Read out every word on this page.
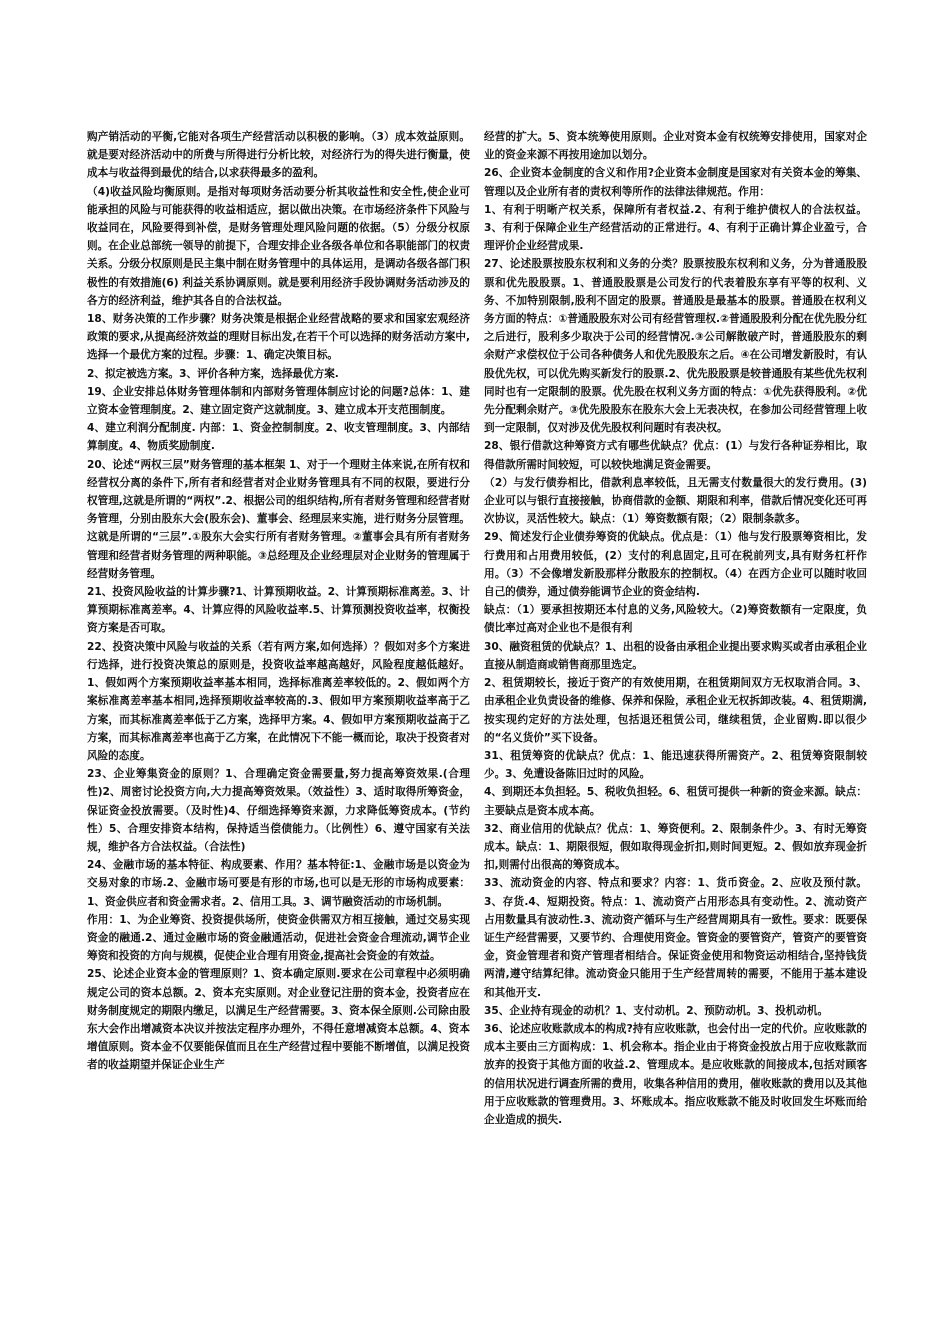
购产销活动的平衡,它能对各项生产经营活动以积极的影响。（3）成本效益原则。就是要对经济活动中的所费与所得进行分析比较，对经济行为的得失进行衡量，使成本与收益得到最优的结合,以求获得最多的盈利。

（4)收益风险均衡原则。是指对每项财务活动要分析其收益性和安全性,使企业可能承担的风险与可能获得的收益相适应，据以做出决策。在市场经济条件下风险与收益同在，风险要得到补偿，是财务管理处理风险问题的依据。（5）分级分权原则。在企业总部统一领导的前提下，合理安排企业各级各单位和各职能部门的权责关系。分级分权原则是民主集中制在财务管理中的具体运用，是调动各级各部门积极性的有效措施(6) 利益关系协调原则。就是要利用经济手段协调财务活动涉及的各方的经济利益，维护其各自的合法权益。

18、财务决策的工作步骤？财务决策是根据企业经营战略的要求和国家宏观经济政策的要求,从提高经济效益的理财目标出发,在若干个可以选择的财务活动方案中,选择一个最优方案的过程。步骤：1、确定决策目标。

2、拟定被选方案。3、评价各种方案，选择最优方案.

19、企业安排总体财务管理体制和内部财务管理体制应讨论的问题?总体：1、建立资本金管理制度。2、建立固定资产这就制度。3、建立成本开支范围制度。

4、建立利润分配制度. 内部：1、资金控制制度。2、收支管理制度。3、内部结算制度。4、物质奖励制度.

20、论述“两权三层”财务管理的基本框架 1、对于一个理财主体来说,在所有权和经营权分离的条件下,所有者和经营者对企业财务管理具有不同的权限，要进行分权管理,这就是所谓的“两权”.2、根据公司的组织结构,所有者财务管理和经营者财务管理，分别由股东大会(股东会)、董事会、经理层来实施，进行财务分层管理。这就是所谓的“三层”.①股东大会实行所有者财务管理。②董事会具有所有者财务管理和经营者财务管理的两种职能。③总经理及企业经理层对企业财务的管理属于经营财务管理。

21、投资风险收益的计算步骤?1、计算预期收益。2、计算预期标准离差。3、计算预期标准离差率。4、计算应得的风险收益率.5、计算预测投资收益率，权衡投资方案是否可取。

22、投资决策中风险与收益的关系（若有两方案,如何选择）？假如对多个方案进行选择，进行投资决策总的原则是，投资收益率越高越好，风险程度越低越好。1、假如两个方案预期收益率基本相同，选择标准离差率较低的。2、假如两个方案标准离差率基本相同,选择预期收益率较高的.3、假如甲方案预期收益率高于乙方案，而其标准离差率低于乙方案，选择甲方案。4、假如甲方案预期收益高于乙方案，而其标准离差率也高于乙方案，在此情况下不能一概而论，取决于投资者对风险的态度。

23、企业筹集资金的原则？1、合理确定资金需要量,努力提高筹资效果.(合理性)2、周密讨论投资方向,大力提高筹资效果。（效益性）3、适时取得所筹资金，保证资金投放需要。（及时性)4、仔细选择筹资来源，力求降低筹资成本。(节约性）5、合理安排资本结构，保持适当偿债能力。（比例性）6、遵守国家有关法规，维护各方合法权益。（合法性)

24、金融市场的基本特征、构成要素、作用？基本特征:1、金融市场是以资金为交易对象的市场.2、金融市场可要是有形的市场,也可以是无形的市场构成要素：1、资金供应者和资金需求者。2、信用工具。3、调节融资活动的市场机制。

作用：1、为企业筹资、投资提供场所，使资金供需双方相互接触，通过交易实现资金的融通.2、通过金融市场的资金融通活动，促进社会资金合理流动,调节企业筹资和投资的方向与规模，促使企业合理有用资金,提高社会资金的有效益。

25、论述企业资本金的管理原则？1、资本确定原则.要求在公司章程中必须明确规定公司的资本总额。2、资本充实原则。对企业登记注册的资本金，投资者应在财务制度规定的期限内缴足，以满足生产经营需要。3、资本保全原则.公司除由股东大会作出增减资本决议并按法定程序办理外，不得任意增减资本总额。4、资本增值原则。资本金不仅要能保值而且在生产经营过程中要能不断增值，以满足投资者的收益期望并保证企业生产

经营的扩大。5、资本统筹使用原则。企业对资本金有权统筹安排使用，国家对企业的资金来源不再按用途加以划分。

26、企业资本金制度的含义和作用?企业资本金制度是国家对有关资本金的筹集、管理以及企业所有者的责权利等所作的法律法律规范。作用：

1、有利于明晰产权关系，保障所有者权益.2、有利于维护债权人的合法权益。3、有利于保障企业生产经营活动的正常进行。4、有利于正确计算企业盈亏，合理评价企业经营成果.

27、论述股票按股东权利和义务的分类？股票按股东权利和义务，分为普通股股票和优先股股票。1、普通股股票是公司发行的代表着股东享有平等的权利、义务、不加特别限制,股利不固定的股票。普通股是最基本的股票。普通股在权利义务方面的特点：①普通股股东对公司有经营管理权.②普通股股利分配在优先股分红之后进行，股利多少取决于公司的经营情况.③公司解散破产时，普通股股东的剩余财产求偿权位于公司各种债务人和优先股股东之后。④在公司增发新股时，有认股优先权，可以优先购买新发行的股票.2、优先股股票是较普通股有某些优先权利同时也有一定限制的股票。优先股在权利义务方面的特点：①优先获得股利。②优先分配剩余财产。③优先股股东在股东大会上无表决权，在参加公司经营管理上收到一定限制，仅对涉及优先股权利问题时有表决权。

28、银行借款这种筹资方式有哪些优缺点？优点：(1）与发行各种证券相比，取得借款所需时间较短，可以较快地满足资金需要。

（2）与发行债券相比，借款利息率较低，且无需支付数量很大的发行费用。(3) 企业可以与银行直接接触，协商借款的金额、期限和利率，借款后情况变化还可再次协议，灵活性较大。缺点：（1）筹资数额有限；（2）限制条款多。

29、简述发行企业债券筹资的优缺点。优点是：（1）他与发行股票筹资相比，发行费用和占用费用较低，(2）支付的利息固定,且可在税前列支,具有财务杠杆作用。（3）不会像增发新股那样分散股东的控制权。（4）在西方企业可以随时收回自己的债券，通过债券能调节企业的资金结构.

缺点：（1）要承担按期还本付息的义务,风险较大。（2)筹资数额有一定限度，负债比率过高对企业也不是很有利

30、融资租赁的优缺点？1、出租的设备由承租企业提出要求购买或者由承租企业直接从制造商或销售商那里选定。

2、租赁期较长，接近于资产的有效使用期，在租赁期间双方无权取消合同。3、由承租企业负责设备的维修、保养和保险，承租企业无权拆卸改装。4、租赁期满,按实现约定好的方法处理，包括退还租赁公司，继续租赁，企业留购.即以很少的“名义货价”买下设备。

31、租赁筹资的优缺点？优点：1、能迅速获得所需资产。2、租赁筹资限制较少。3、免遭设备陈旧过时的风险。

4、到期还本负担轻。5、税收负担轻。6、租赁可提供一种新的资金来源。缺点：主要缺点是资本成本高。

32、商业信用的优缺点？优点：1、筹资便利。2、限制条件少。3、有时无筹资成本。缺点：1、期限很短，假如取得现金折扣,则时间更短。2、假如放弃现金折扣,则需付出很高的筹资成本。

33、流动资金的内容、特点和要求？内容：1、货币资金。2、应收及预付款。3、存货.4、短期投资。特点：1、流动资产占用形态具有变动性。2、流动资产占用数量具有波动性.3、流动资产循环与生产经营周期具有一致性。要求：既要保证生产经营需要，又要节约、合理使用资金。管资金的要管资产，管资产的要管资金，资金管理者和资产管理者相结合。保证资金使用和物资运动相结合,坚持钱货两清,遵守结算纪律。流动资金只能用于生产经营周转的需要，不能用于基本建设和其他开支.

35、企业持有现金的动机？1、支付动机。2、预防动机。3、投机动机。

36、论述应收账款成本的构成?持有应收账款，也会付出一定的代价。应收账款的成本主要由三方面构成：1、机会称本。指企业由于将资金投放占用于应收账款而放弃的投资于其他方面的收益.2、管理成本。是应收账款的间接成本,包括对顾客的信用状况进行调查所需的费用，收集各种信用的费用，催收账款的费用以及其他用于应收账款的管理费用。3、坏账成本。指应收账款不能及时收回发生坏账而给企业造成的损失.
